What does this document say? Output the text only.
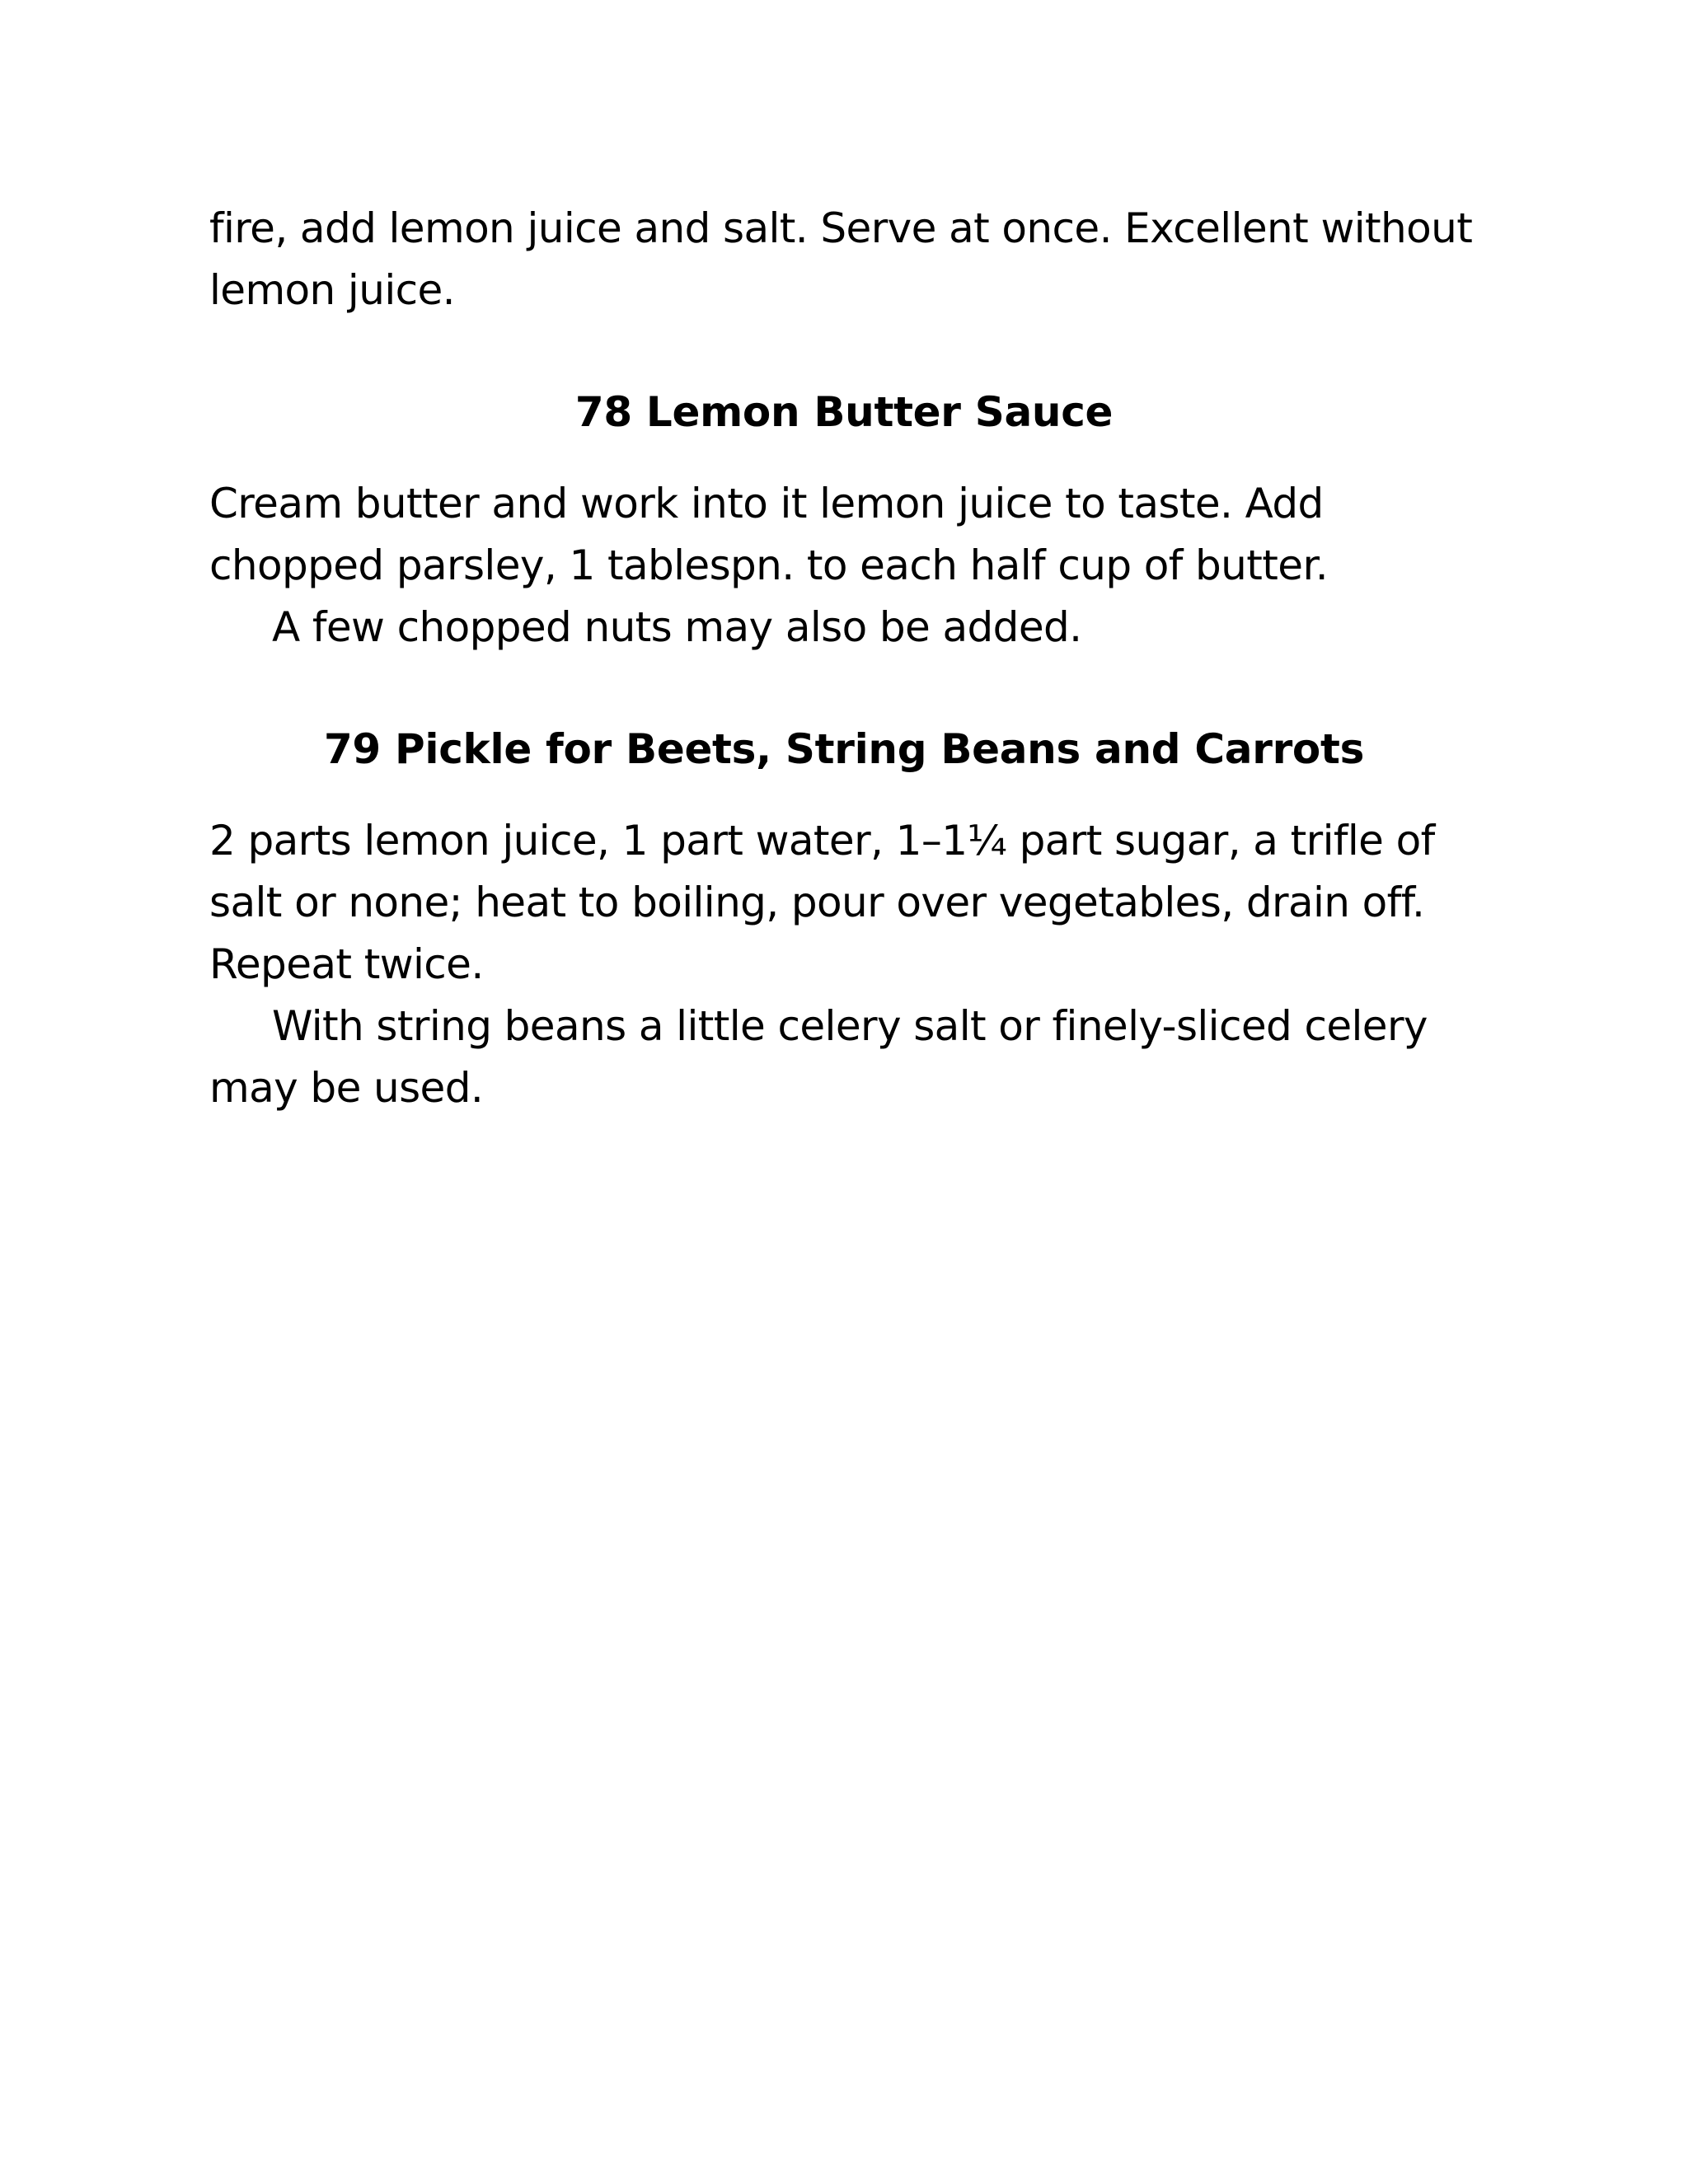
fire, add lemon juice and salt. Serve at once. Excellent without lemon juice.

78 Lemon Butter Sauce

Cream butter and work into it lemon juice to taste. Add chopped parsley, 1 tablespn. to each half cup of butter.

A few chopped nuts may also be added.

79 Pickle for Beets, String Beans and Carrots

2 parts lemon juice, 1 part water, 1–1¼ part sugar, a trifle of salt or none; heat to boiling, pour over vegetables, drain off. Repeat twice.

With string beans a little celery salt or finely-sliced celery may be used.
